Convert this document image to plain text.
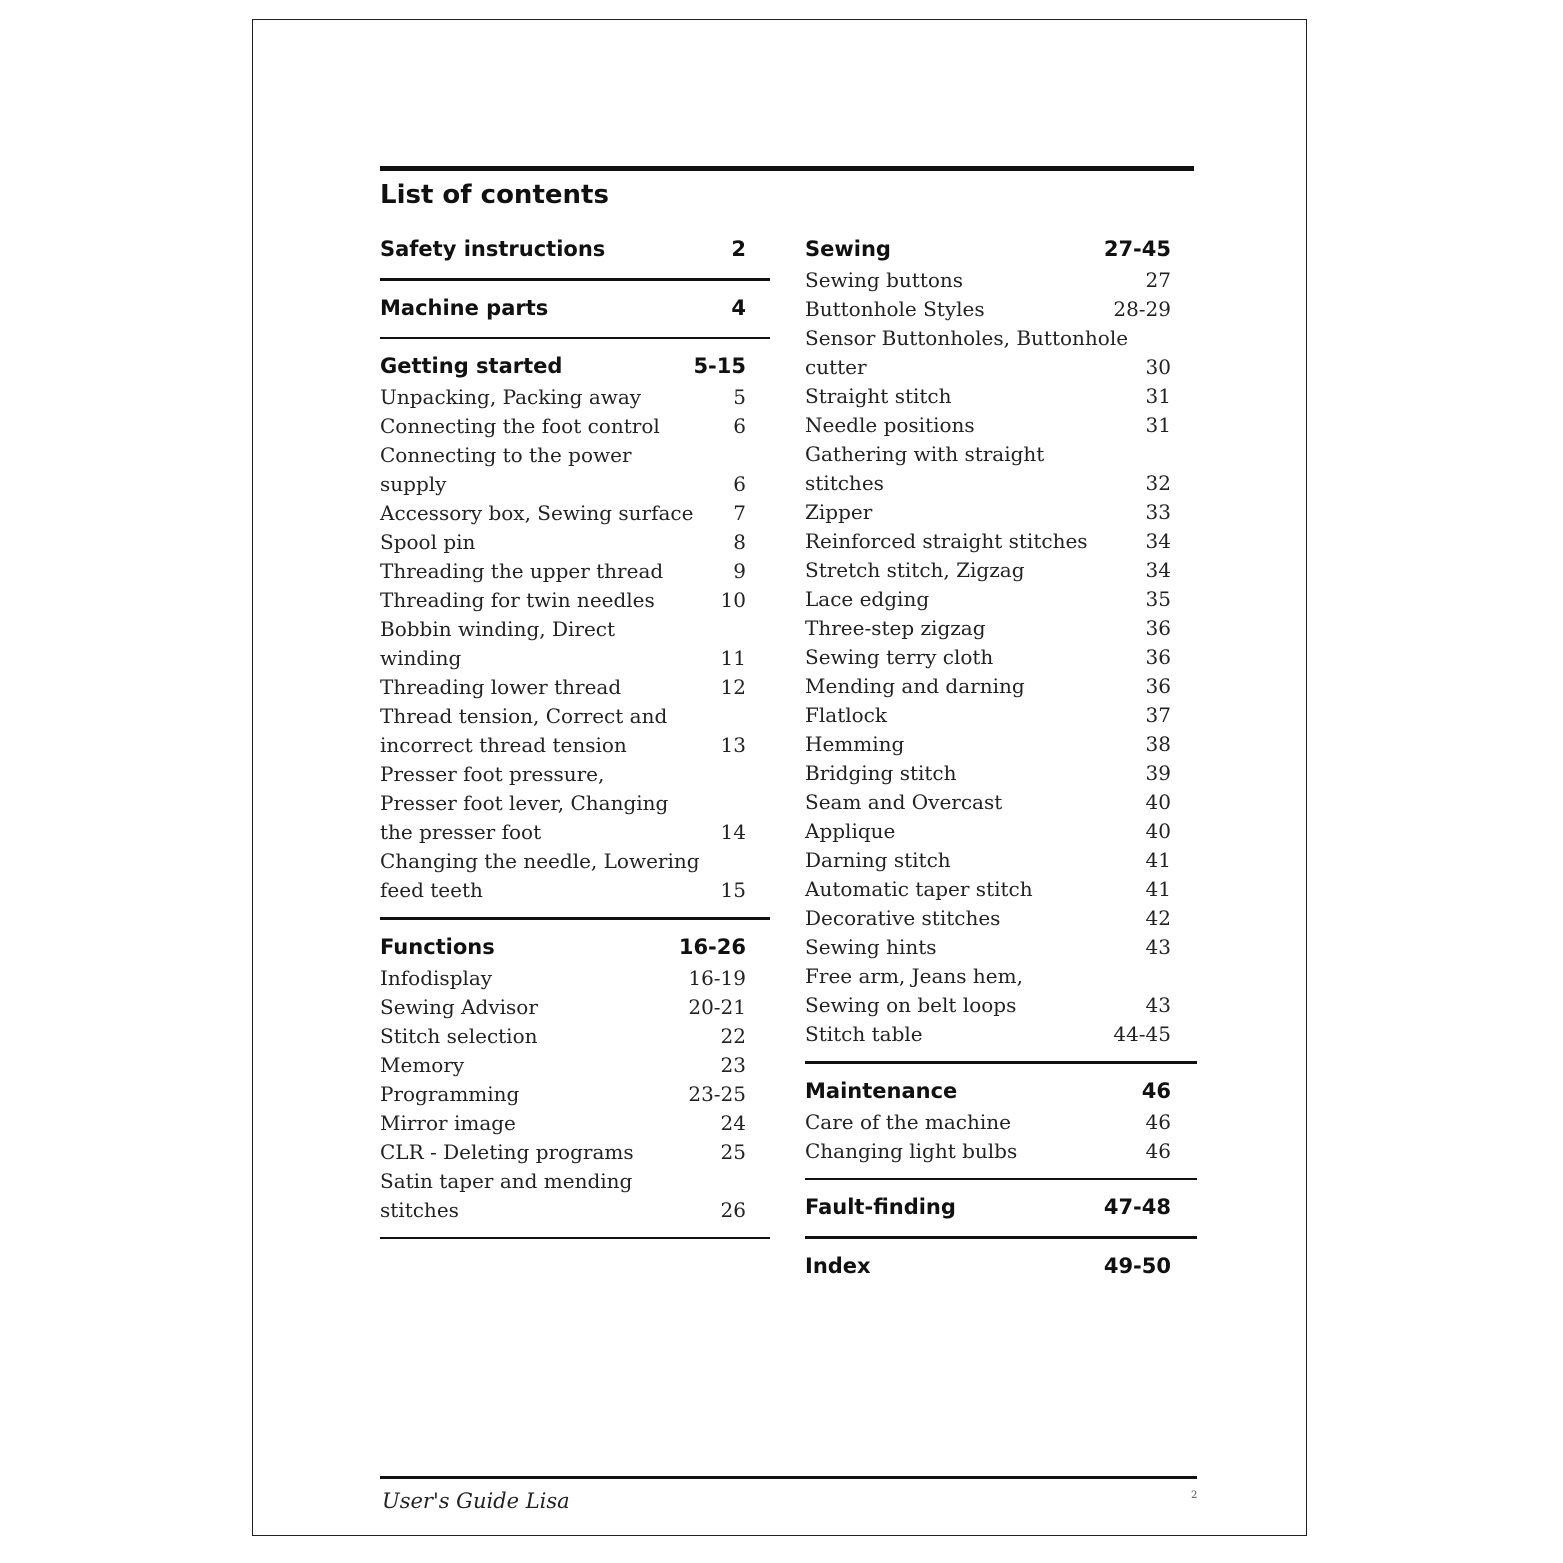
List of contents
Safety instructions	2
Machine parts	4
Getting started	5-15
Unpacking, Packing away	5
Connecting the foot control	6
Connecting to the power
supply	6
Accessory box, Sewing surface	7
Spool pin	8
Threading the upper thread	9
Threading for twin needles	10
Bobbin winding, Direct
winding	11
Threading lower thread	12
Thread tension, Correct and
incorrect thread tension	13
Presser foot pressure,
Presser foot lever, Changing
the presser foot	14
Changing the needle, Lowering
feed teeth	15
Functions	16-26
Infodisplay	16-19
Sewing Advisor	20-21
Stitch selection	22
Memory	23
Programming	23-25
Mirror image	24
CLR - Deleting programs	25
Satin taper and mending
stitches	26
Sewing	27-45
Sewing buttons	27
Buttonhole Styles	28-29
Sensor Buttonholes, Buttonhole
cutter	30
Straight stitch	31
Needle positions	31
Gathering with straight
stitches	32
Zipper	33
Reinforced straight stitches	34
Stretch stitch, Zigzag	34
Lace edging	35
Three-step zigzag	36
Sewing terry cloth	36
Mending and darning	36
Flatlock	37
Hemming	38
Bridging stitch	39
Seam and Overcast	40
Applique	40
Darning stitch	41
Automatic taper stitch	41
Decorative stitches	42
Sewing hints	43
Free arm, Jeans hem,
Sewing on belt loops	43
Stitch table	44-45
Maintenance	46
Care of the machine	46
Changing light bulbs	46
Fault-finding	47-48
Index	49-50
User's Guide Lisa	2
